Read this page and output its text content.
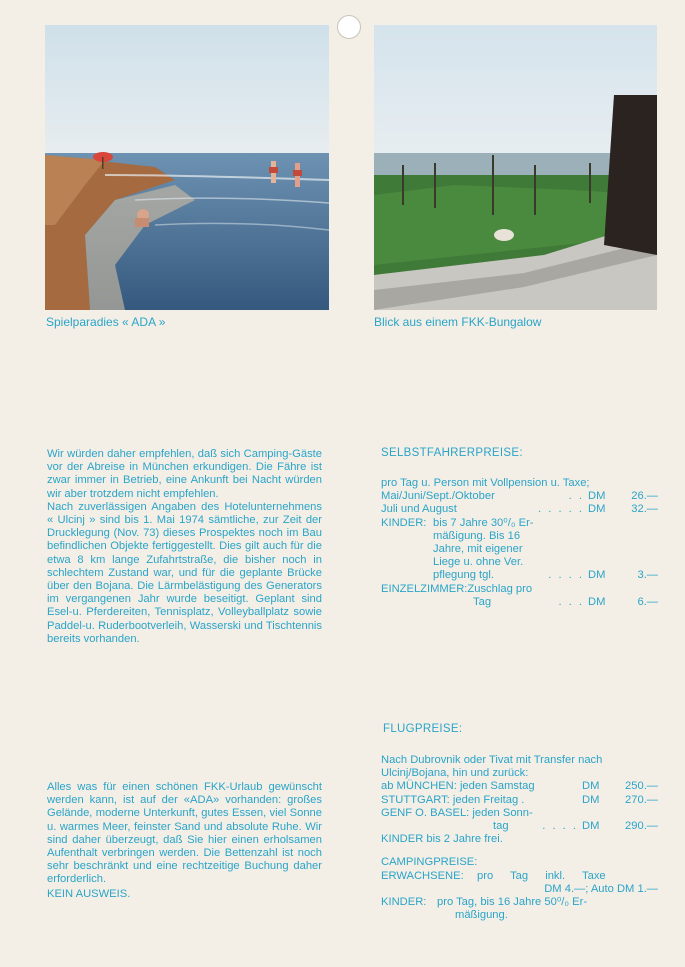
Spielparadies « ADA »	Blick aus einem FKK-Bungalow

Wir würden daher empfehlen, daß sich Camping-Gäste vor der Abreise in München erkundigen. Die Fähre ist zwar immer in Betrieb, eine Ankunft bei Nacht würden wir aber trotzdem nicht empfehlen.

Nach zuverlässigen Angaben des Hotelunternehmens « Ulcinj » sind bis 1. Mai 1974 sämtliche, zur Zeit der Drucklegung (Nov. 73) dieses Prospektes noch im Bau befindlichen Objekte fertiggestellt. Dies gilt auch für die etwa 8 km lange Zufahrtstraße, die bisher noch in schlechtem Zustand war, und für die geplante Brücke über den Bojana. Die Lärmbelästigung des Generators im vergangenen Jahr wurde beseitigt. Geplant sind Esel-u. Pferdereiten, Tennisplatz, Volleyballplatz sowie Paddel-u. Ruderbootverleih, Wasserski und Tischtennis bereits vorhanden.

Alles was für einen schönen FKK-Urlaub gewünscht werden kann, ist auf der «ADA» vorhanden: großes Gelände, moderne Unterkunft, gutes Essen, viel Sonne u. warmes Meer, feinster Sand und absolute Ruhe. Wir sind daher überzeugt, daß Sie hier einen erholsamen Aufenthalt verbringen werden. Die Bettenzahl ist noch sehr beschränkt und eine rechtzeitige Buchung daher erforderlich.

KEIN AUSWEIS.
SELBSTFAHRERPREISE:
pro Tag u. Person mit Vollpension u. Taxe;
Mai/Juni/Sept./Oktober	. . DM	26.—
Juli und August	. . . . . DM	32.—
KINDER: bis 7 Jahre 30⁰/₀ Er-
mäßigung. Bis 16
Jahre, mit eigener
Liege u. ohne Ver.
pflegung tgl.	. . . . DM	3.—
EINZELZIMMER: Zuschlag pro
Tag	. . . DM	6.—
FLUGPREISE:
Nach Dubrovnik oder Tivat mit Transfer nach Ulcinj/Bojana, hin und zurück:
ab MÜNCHEN: jeden Samstag	DM	250.—
STUTTGART: jeden Freitag .	DM	270.—
GENF O. BASEL: jeden Sonn-
tag	. . . . DM	290.—
KINDER bis 2 Jahre frei.
CAMPINGPREISE:
ERWACHSENE:	pro Tag inkl. Taxe
DM 4.—; Auto DM 1.—
KINDER: pro Tag, bis 16 Jahre 50⁰/₀ Er-
mäßigung.
